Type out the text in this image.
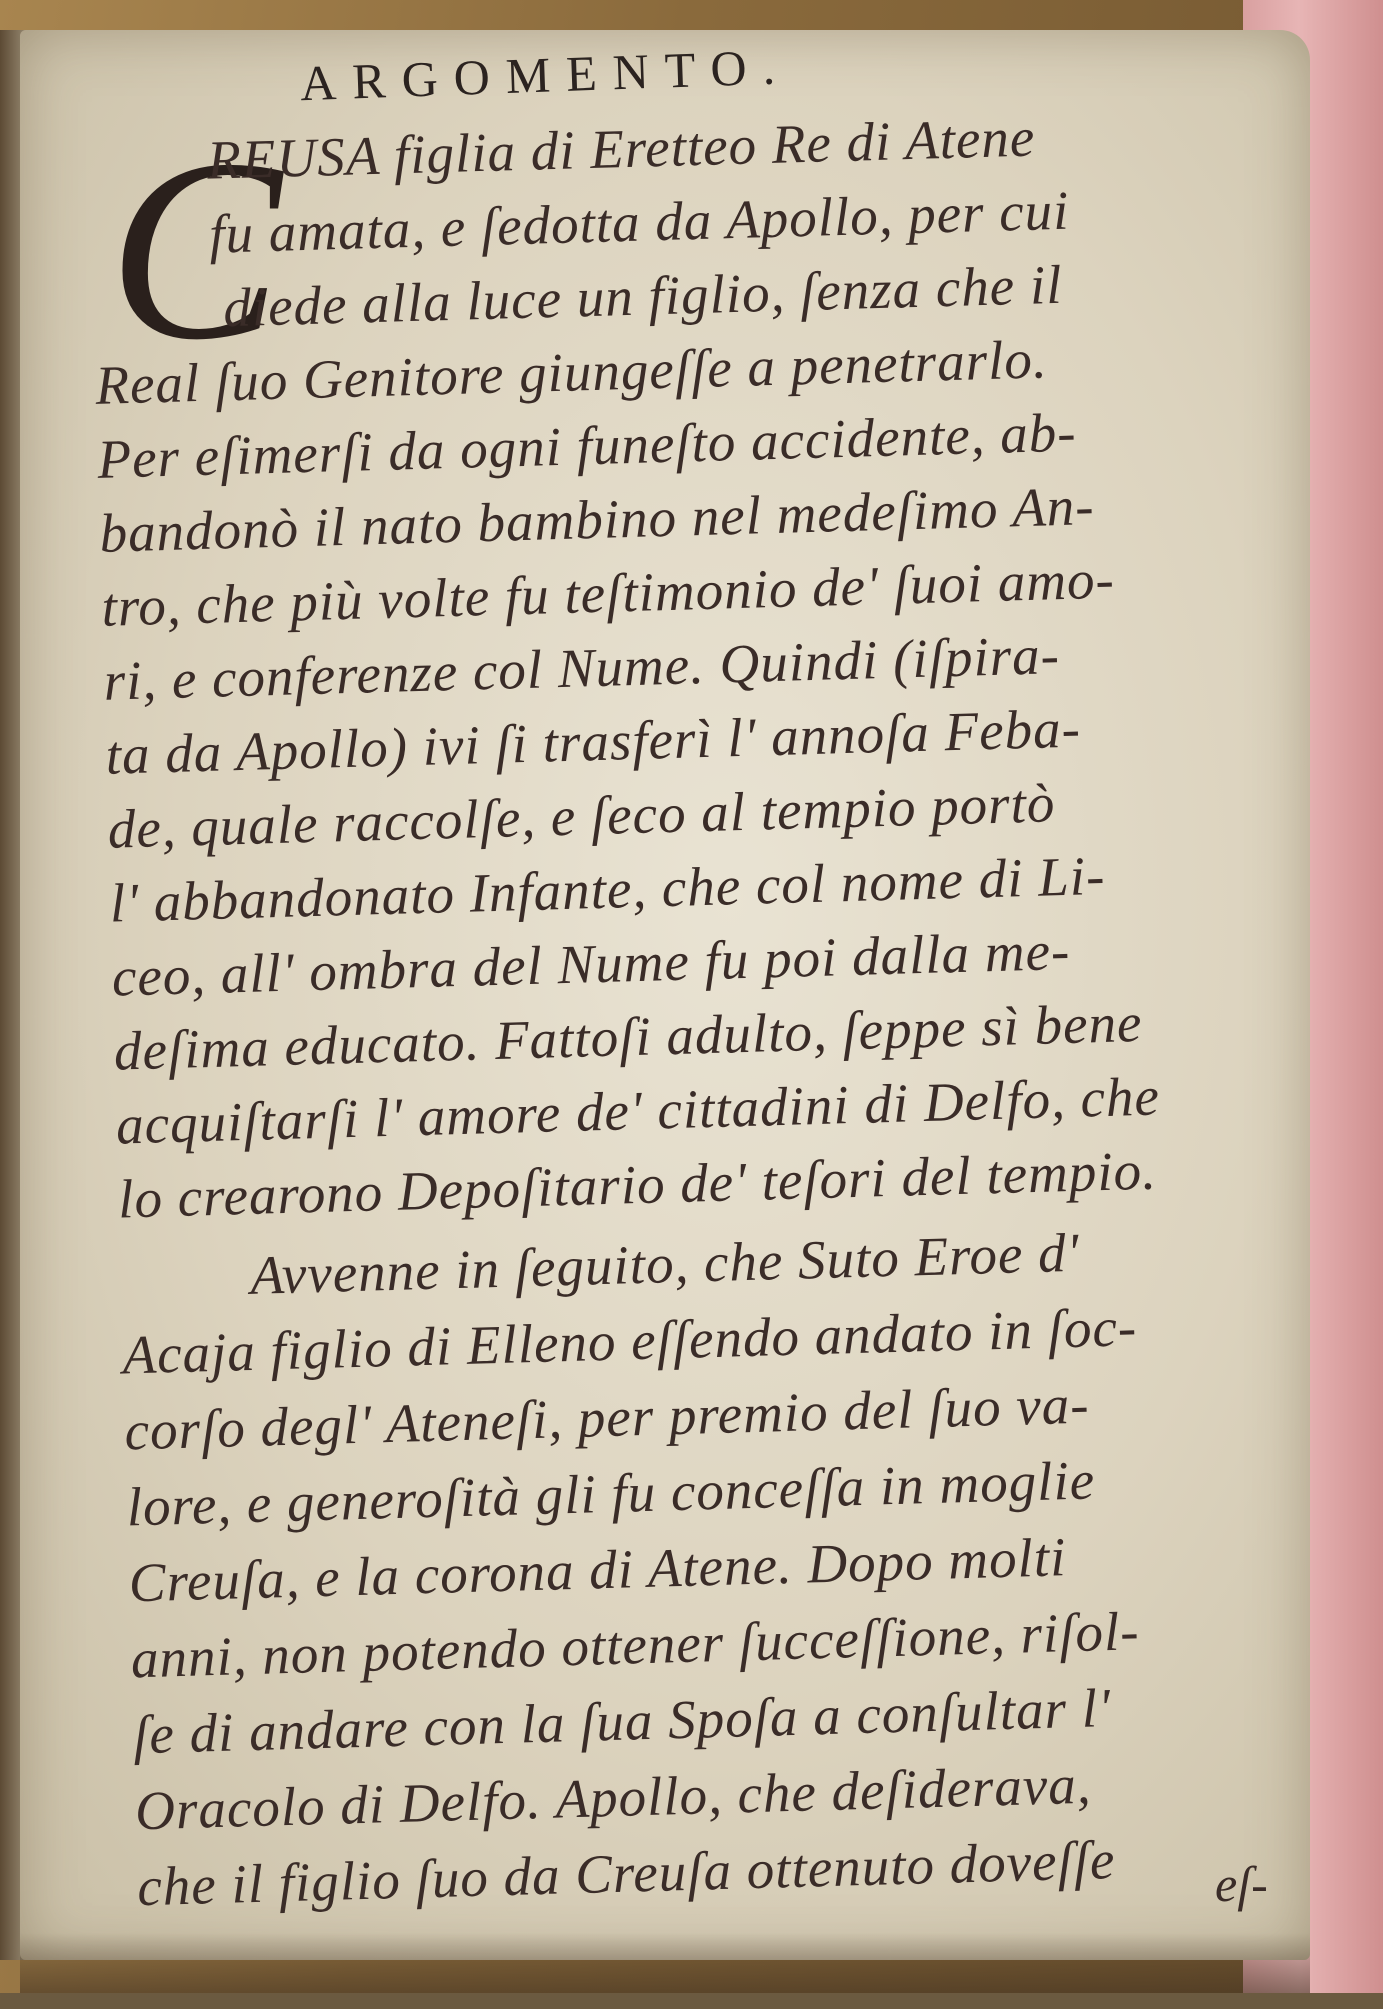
ARGOMENTO.
C
REUSA figlia di Eretteo Re di Atene
fu amata, e ſedotta da Apollo, per cui
diede alla luce un figlio, ſenza che il
Real ſuo Genitore giungeſſe a penetrarlo.
Per eſimerſi da ogni funeſto accidente, ab-
bandonò il nato bambino nel medeſimo An-
tro, che più volte fu teſtimonio de' ſuoi amo-
ri, e conferenze col Nume. Quindi (iſpira-
ta da Apollo) ivi ſi trasferì l' annoſa Feba-
de, quale raccolſe, e ſeco al tempio portò
l' abbandonato Infante, che col nome di Li-
ceo, all' ombra del Nume fu poi dalla me-
deſima educato. Fattoſi adulto, ſeppe sì bene
acquiſtarſi l' amore de' cittadini di Delfo, che
lo crearono Depoſitario de' teſori del tempio.
Avvenne in ſeguito, che Suto Eroe d'
Acaja figlio di Elleno eſſendo andato in ſoc-
corſo degl' Ateneſi, per premio del ſuo va-
lore, e generoſità gli fu conceſſa in moglie
Creuſa, e la corona di Atene. Dopo molti
anni, non potendo ottener ſucceſſione, riſol-
ſe di andare con la ſua Spoſa a conſultar l'
Oracolo di Delfo. Apollo, che deſiderava,
che il figlio ſuo da Creuſa ottenuto doveſſe eſ-
